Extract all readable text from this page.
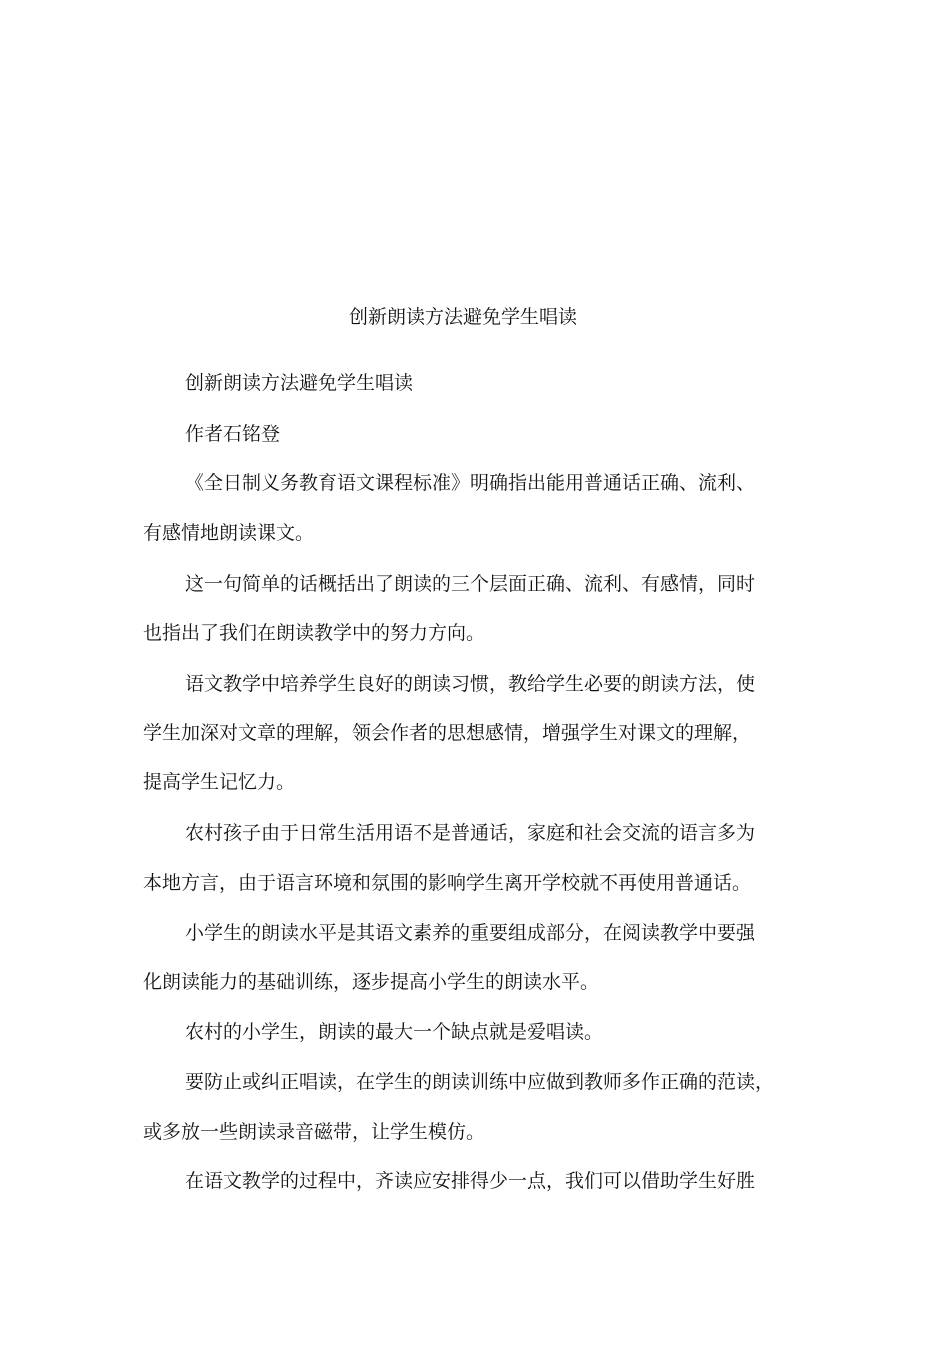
创新朗读方法避免学生唱读
创新朗读方法避免学生唱读
作者石铭登
《全日制义务教育语文课程标准》明确指出能用普通话正确、流利、
有感情地朗读课文。
这一句简单的话概括出了朗读的三个层面正确、流利、有感情，同时
也指出了我们在朗读教学中的努力方向。
语文教学中培养学生良好的朗读习惯，教给学生必要的朗读方法，使
学生加深对文章的理解，领会作者的思想感情，增强学生对课文的理解，
提高学生记忆力。
农村孩子由于日常生活用语不是普通话，家庭和社会交流的语言多为
本地方言，由于语言环境和氛围的影响学生离开学校就不再使用普通话。
小学生的朗读水平是其语文素养的重要组成部分，在阅读教学中要强
化朗读能力的基础训练，逐步提高小学生的朗读水平。
农村的小学生，朗读的最大一个缺点就是爱唱读。
要防止或纠正唱读，在学生的朗读训练中应做到教师多作正确的范读，
或多放一些朗读录音磁带，让学生模仿。
在语文教学的过程中，齐读应安排得少一点，我们可以借助学生好胜
